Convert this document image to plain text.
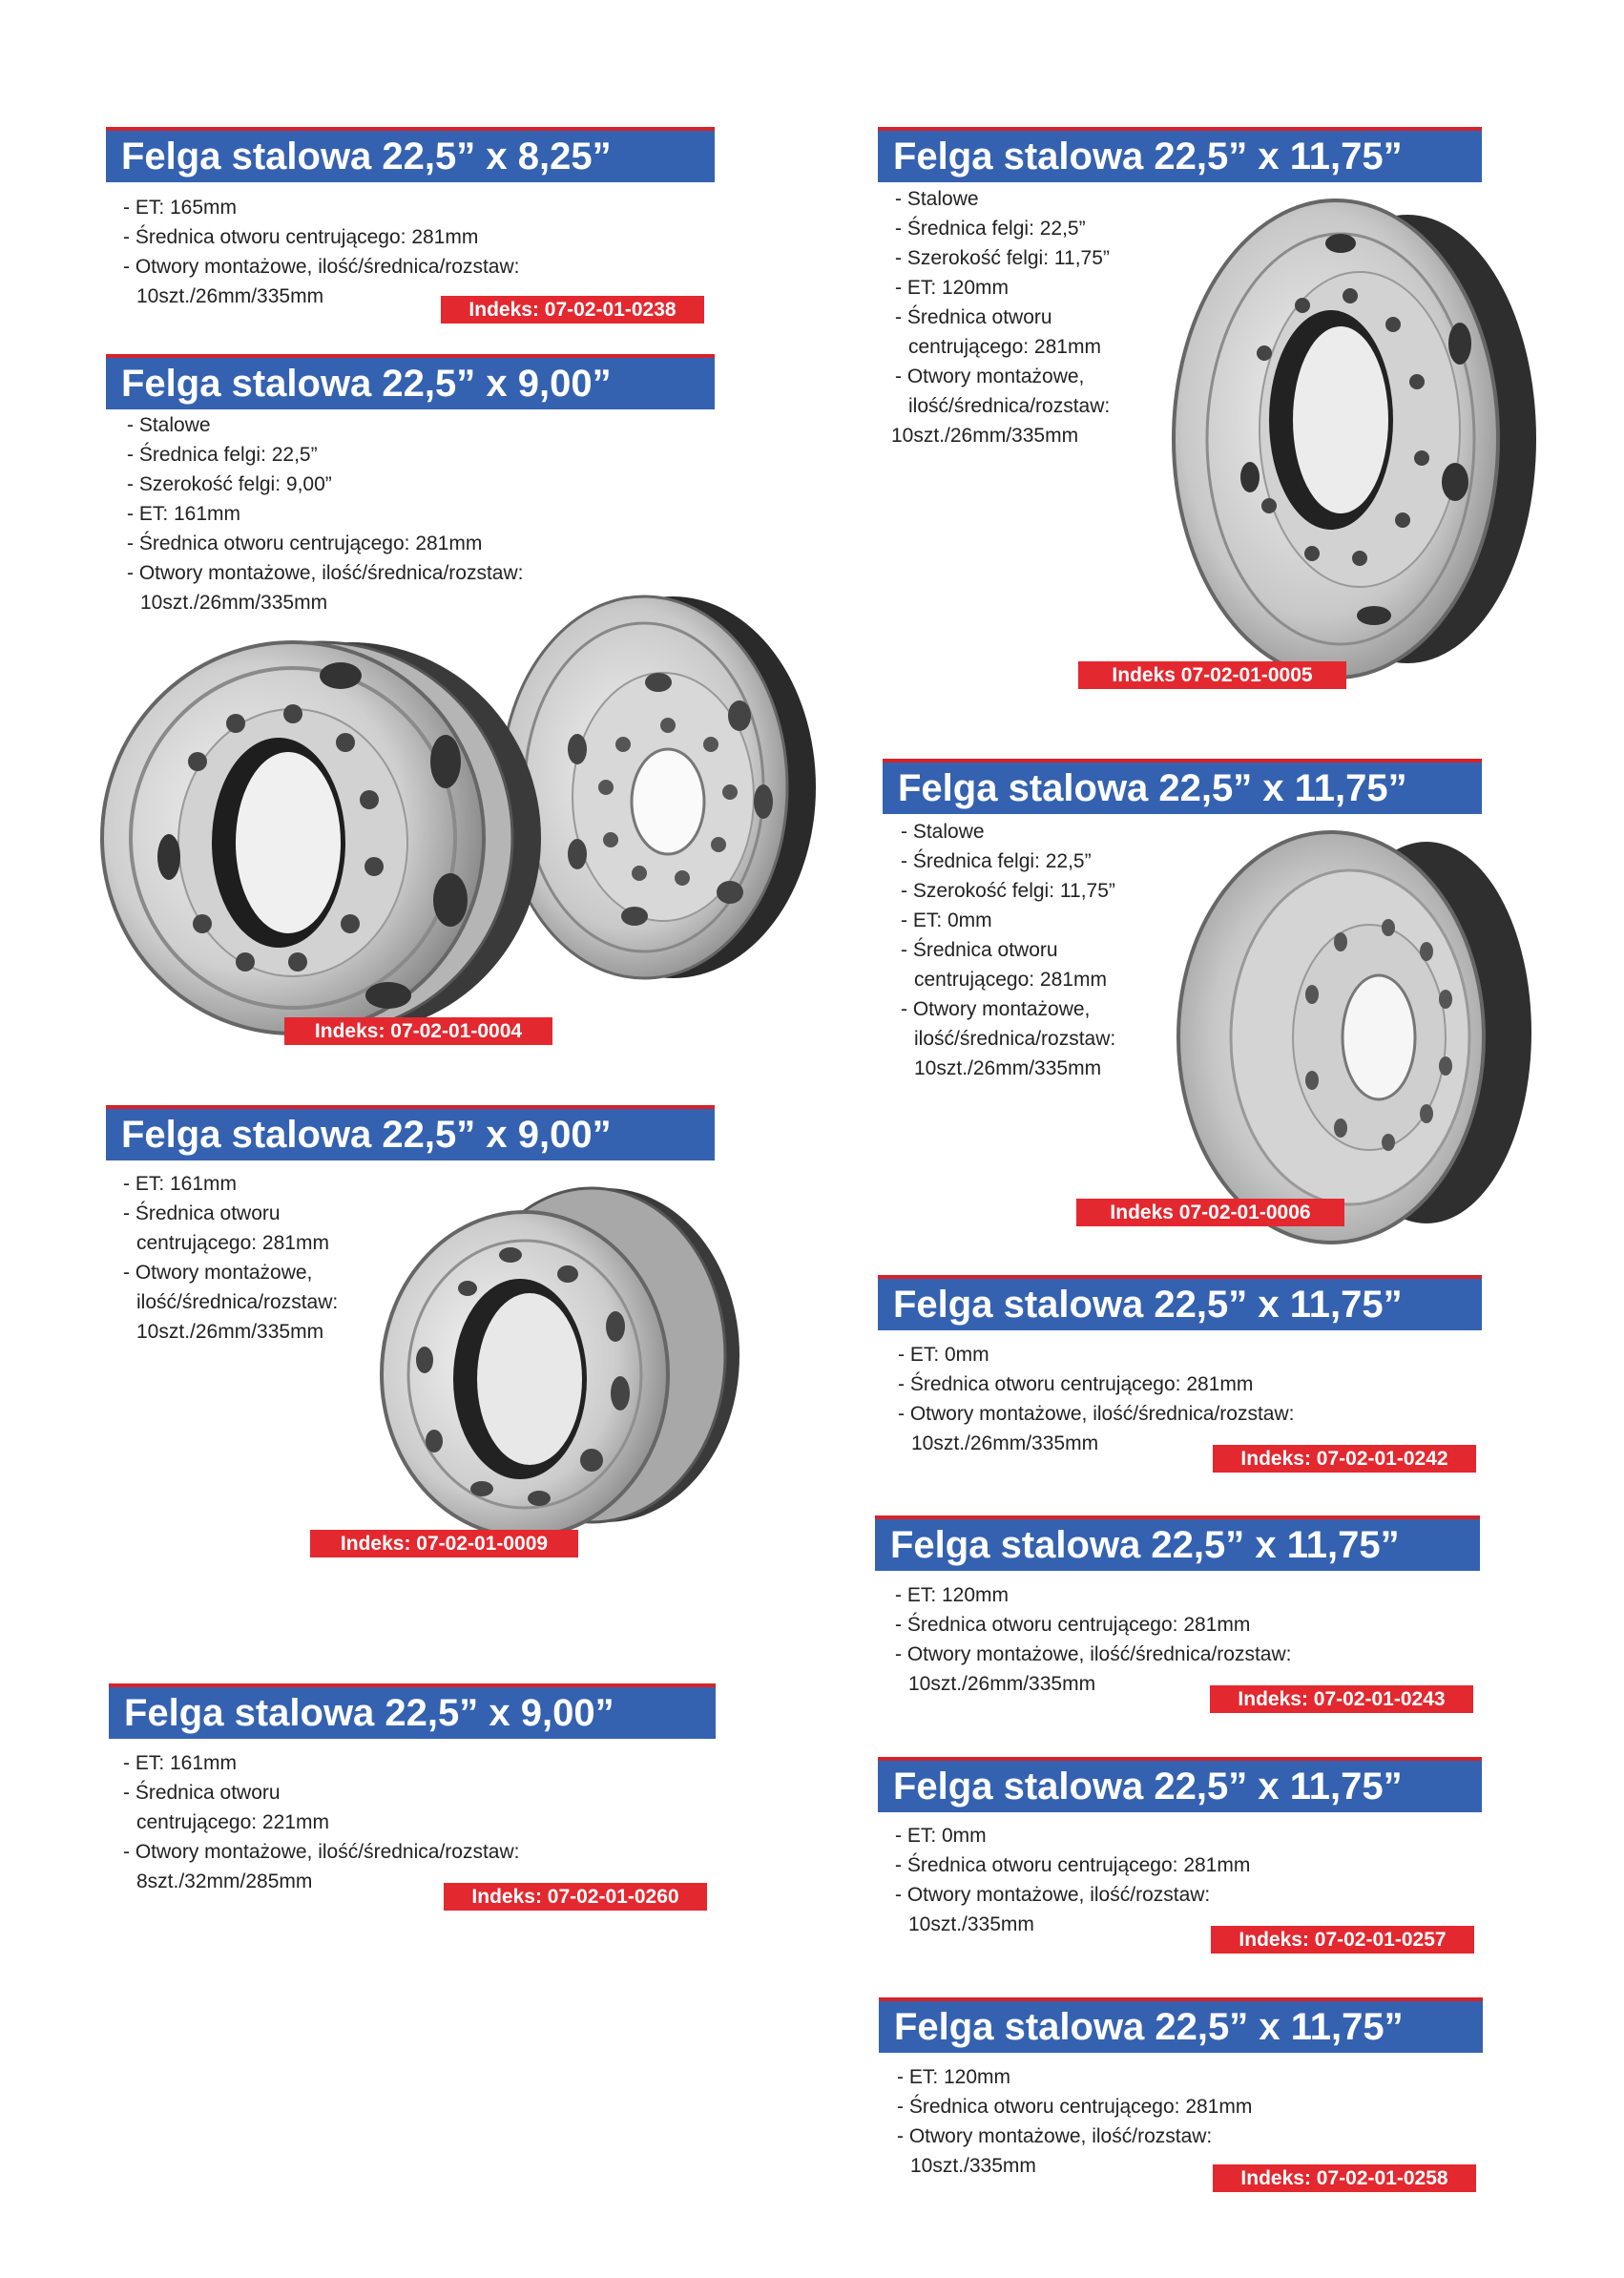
Felga stalowa 22,5” x 8,25”
- ET: 165mm
- Średnica otworu centrującego: 281mm
- Otwory montażowe, ilość/średnica/rozstaw:
10szt./26mm/335mm
Indeks: 07-02-01-0238
Felga stalowa 22,5” x 9,00”
- Stalowe
- Średnica felgi: 22,5”
- Szerokość felgi: 9,00”
- ET: 161mm
- Średnica otworu centrującego: 281mm
- Otwory montażowe, ilość/średnica/rozstaw:
10szt./26mm/335mm
Indeks: 07-02-01-0004
Felga stalowa 22,5” x 9,00”
- ET: 161mm
- Średnica otworu
centrującego: 281mm
- Otwory montażowe,
ilość/średnica/rozstaw:
10szt./26mm/335mm
Indeks: 07-02-01-0009
Felga stalowa 22,5” x 9,00”
- ET: 161mm
- Średnica otworu
centrującego: 221mm
- Otwory montażowe, ilość/średnica/rozstaw:
8szt./32mm/285mm
Indeks: 07-02-01-0260
Felga stalowa 22,5” x 11,75”
- Stalowe
- Średnica felgi: 22,5”
- Szerokość felgi: 11,75”
- ET: 120mm
- Średnica otworu
centrującego: 281mm
- Otwory montażowe,
ilość/średnica/rozstaw:
10szt./26mm/335mm
Indeks 07-02-01-0005
Felga stalowa 22,5” x 11,75”
- Stalowe
- Średnica felgi: 22,5”
- Szerokość felgi: 11,75”
- ET: 0mm
- Średnica otworu
centrującego: 281mm
- Otwory montażowe,
ilość/średnica/rozstaw:
10szt./26mm/335mm
Indeks 07-02-01-0006
Felga stalowa 22,5” x 11,75”
- ET: 0mm
- Średnica otworu centrującego: 281mm
- Otwory montażowe, ilość/średnica/rozstaw:
10szt./26mm/335mm
Indeks: 07-02-01-0242
Felga stalowa 22,5” x 11,75”
- ET: 120mm
- Średnica otworu centrującego: 281mm
- Otwory montażowe, ilość/średnica/rozstaw:
10szt./26mm/335mm
Indeks: 07-02-01-0243
Felga stalowa 22,5” x 11,75”
- ET: 0mm
- Średnica otworu centrującego: 281mm
- Otwory montażowe, ilość/rozstaw:
10szt./335mm
Indeks: 07-02-01-0257
Felga stalowa 22,5” x 11,75”
- ET: 120mm
- Średnica otworu centrującego: 281mm
- Otwory montażowe, ilość/rozstaw:
10szt./335mm
Indeks: 07-02-01-0258
